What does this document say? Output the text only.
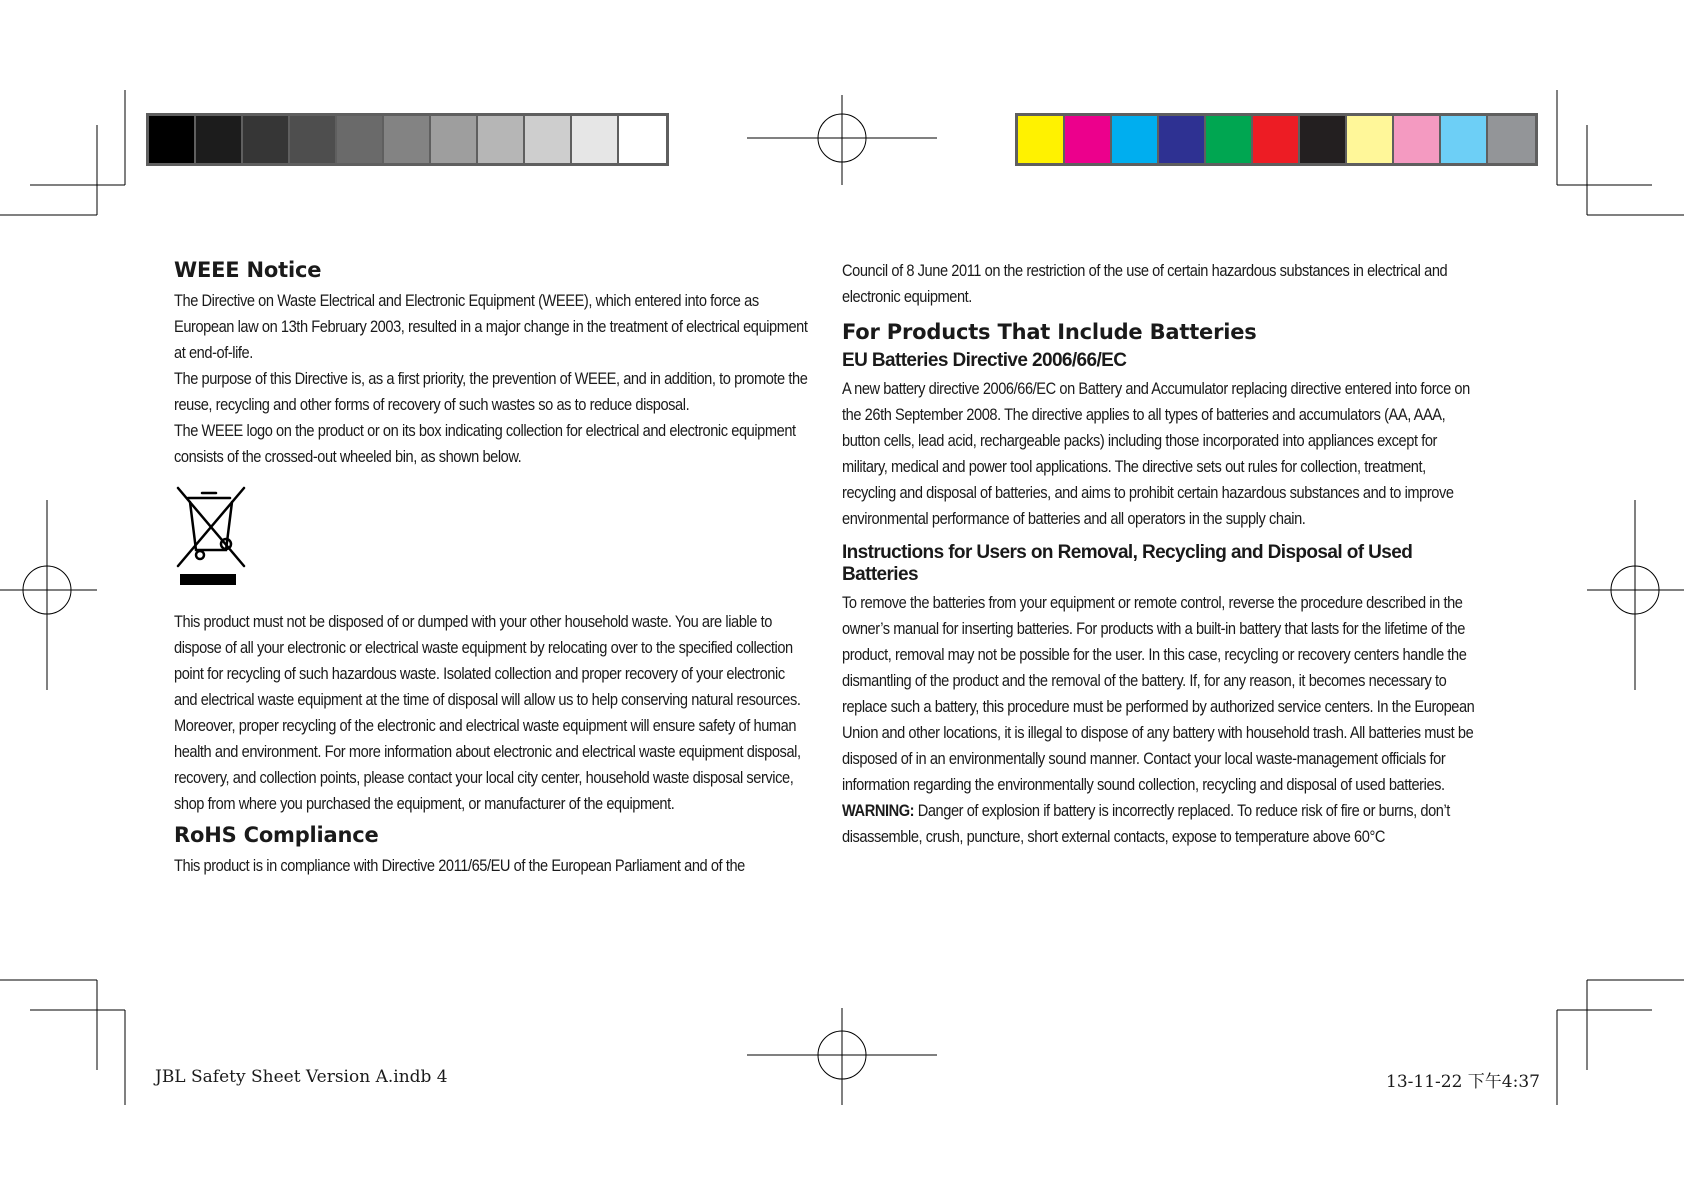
WEEE Notice

The Directive on Waste Electrical and Electronic Equipment (WEEE), which entered into force as European law on 13th February 2003, resulted in a major change in the treatment of electrical equipment at end-of-life.

The purpose of this Directive is, as a first priority, the prevention of WEEE, and in addition, to promote the reuse, recycling and other forms of recovery of such wastes so as to reduce disposal.

The WEEE logo on the product or on its box indicating collection for electrical and electronic equipment consists of the crossed-out wheeled bin, as shown below.

This product must not be disposed of or dumped with your other household waste. You are liable to dispose of all your electronic or electrical waste equipment by relocating over to the specified collection point for recycling of such hazardous waste. Isolated collection and proper recovery of your electronic and electrical waste equipment at the time of disposal will allow us to help conserving natural resources. Moreover, proper recycling of the electronic and electrical waste equipment will ensure safety of human health and environment. For more information about electronic and electrical waste equipment disposal, recovery, and collection points, please contact your local city center, household waste disposal service, shop from where you purchased the equipment, or manufacturer of the equipment.

RoHS Compliance

This product is in compliance with Directive 2011/65/EU of the European Parliament and of the

Council of 8 June 2011 on the restriction of the use of certain hazardous substances in electrical and electronic equipment.

For Products That Include Batteries
EU Batteries Directive 2006/66/EC

A new battery directive 2006/66/EC on Battery and Accumulator replacing directive entered into force on the 26th September 2008. The directive applies to all types of batteries and accumulators (AA, AAA, button cells, lead acid, rechargeable packs) including those incorporated into appliances except for military, medical and power tool applications. The directive sets out rules for collection, treatment, recycling and disposal of batteries, and aims to prohibit certain hazardous substances and to improve environmental performance of batteries and all operators in the supply chain.

Instructions for Users on Removal, Recycling and Disposal of Used Batteries

To remove the batteries from your equipment or remote control, reverse the procedure described in the owner’s manual for inserting batteries. For products with a built-in battery that lasts for the lifetime of the product, removal may not be possible for the user. In this case, recycling or recovery centers handle the dismantling of the product and the removal of the battery. If, for any reason, it becomes necessary to replace such a battery, this procedure must be performed by authorized service centers. In the European Union and other locations, it is illegal to dispose of any battery with household trash. All batteries must be disposed of in an environmentally sound manner. Contact your local waste-management officials for information regarding the environmentally sound collection, recycling and disposal of used batteries.

WARNING: Danger of explosion if battery is incorrectly replaced. To reduce risk of fire or burns, don’t disassemble, crush, puncture, short external contacts, expose to temperature above 60°C

JBL Safety Sheet Version A.indb 4	13-11-22 下午4:37
